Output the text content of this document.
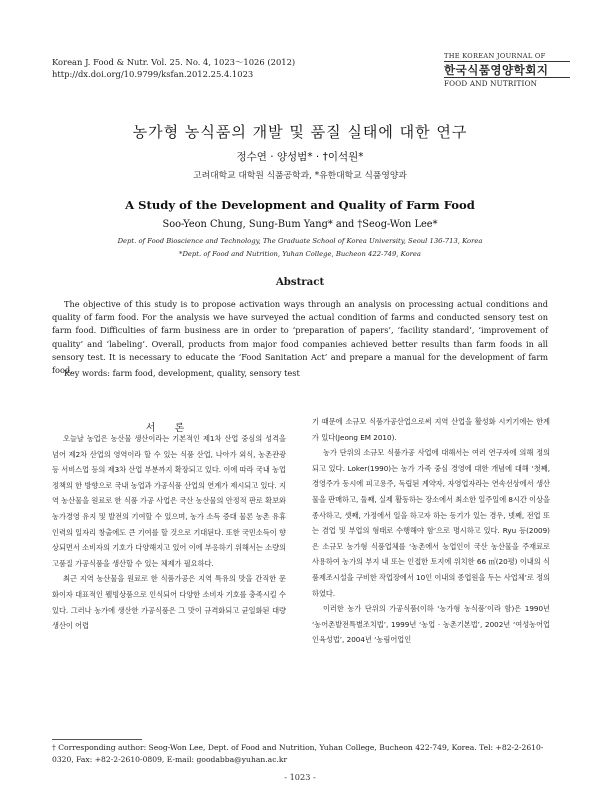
Korean J. Food & Nutr. Vol. 25. No. 4, 1023～1026 (2012)
http://dx.doi.org/10.9799/ksfan.2012.25.4.1023
THE KOREAN JOURNAL OF
한국식품영양학회지
FOOD AND NUTRITION
농가형 농식품의 개발 및 품질 실태에 대한 연구
정수연 · 양성범* · †이석원*
고려대학교 대학원 식품공학과, *유한대학교 식품영양과
A Study of the Development and Quality of Farm Food
Soo-Yeon Chung, Sung-Bum Yang* and †Seog-Won Lee*
Dept. of Food Bioscience and Technology, The Graduate School of Korea University, Seoul 136-713, Korea
*Dept. of Food and Nutrition, Yuhan College, Bucheon 422-749, Korea
Abstract
The objective of this study is to propose activation ways through an analysis on processing actual conditions and quality of farm food. For the analysis we have surveyed the actual condition of farms and conducted sensory test on farm food. Difficulties of farm business are in order to ‘preparation of papers’, ‘facility standard’, ‘improvement of quality’ and ‘labeling’. Overall, products from major food companies achieved better results than farm foods in all sensory test. It is necessary to educate the ‘Food Sanitation Act’ and prepare a manual for the development of farm food.
Key words: farm food, development, quality, sensory test
서 론

오늘날 농업은 농산물 생산이라는 기본적인 제1차 산업 중심의 성격을 넘어 제2차 산업의 영역이라 할 수 있는 식품 산업, 나아가 외식, 농촌관광 등 서비스업 등의 제3차 산업 부분까지 확장되고 있다. 이에 따라 국내 농업 정책의 한 방향으로 국내 농업과 가공식품 산업의 연계가 제시되고 있다. 지역 농산물을 원료로 한 식품 가공 사업은 국산 농산물의 안정적 판로 확보와 농가경영 유지 및 발전의 기여할 수 있으며, 농가 소득 증대 물론 농촌 유휴인력의 일자리 창출에도 큰 기여를 할 것으로 기대된다. 또한 국민소득이 향상되면서 소비자의 기호가 다양해지고 있어 이에 부응하기 위해서는 소량의 고품질 가공식품을 생산할 수 있는 체제가 필요하다.

최근 지역 농산물을 원료로 한 식품가공은 지역 특유의 맛을 간직한 문화이자 대표적인 웰빙상품으로 인식되어 다양한 소비자 기호를 충족시킬 수 있다. 그러나 농가에 생산한 가공식품은 그 맛이 규격화되고 균일화된 대량 생산이 어렵

기 때문에 소규모 식품가공산업으로써 지역 산업을 활성화 시키기에는 한계가 있다(Jeong EM 2010).

농가 단위의 소규모 식품가공 사업에 대해서는 여러 연구자에 의해 정의되고 있다. Loker(1990)는 농가 가족 중심 경영에 대한 개념에 대해 ‘첫째, 경영주가 동시에 피고용주, 독립된 계약자, 자영업자라는 연속선상에서 생산물을 판매하고, 둘째, 실제 활동하는 장소에서 최소한 일주일에 8시간 이상을 종사하고, 셋째, 가정에서 일을 하고자 하는 동기가 있는 경우, 넷째, 전업 또는 겸업 및 부업의 형태로 수행해야 함’으로 명시하고 있다. Ryu 등(2009)은 소규모 농가형 식품업체를 ‘농촌에서 농업인이 국산 농산물을 주재료로 사용하여 농가의 부지 내 또는 인접한 토지에 위치한 66 ㎡(20평) 이내의 식품제조시설을 구비한 작업장에서 10인 이내의 종업원을 두는 사업체’로 정의하였다.

이러한 농가 단위의 가공식품(이하 ‘농가형 농식품’이라 함)은 1990년 ‘농어촌발전특별조치법’, 1999년 ‘농업 · 농촌기본법’, 2002년 ‘여성농어업인육성법’, 2004년 ‘농림어업인

† Corresponding author: Seog-Won Lee, Dept. of Food and Nutrition, Yuhan College, Bucheon 422-749, Korea. Tel: +82-2-2610-0320, Fax: +82-2-2610-0809, E-mail: goodabba@yuhan.ac.kr
- 1023 -
